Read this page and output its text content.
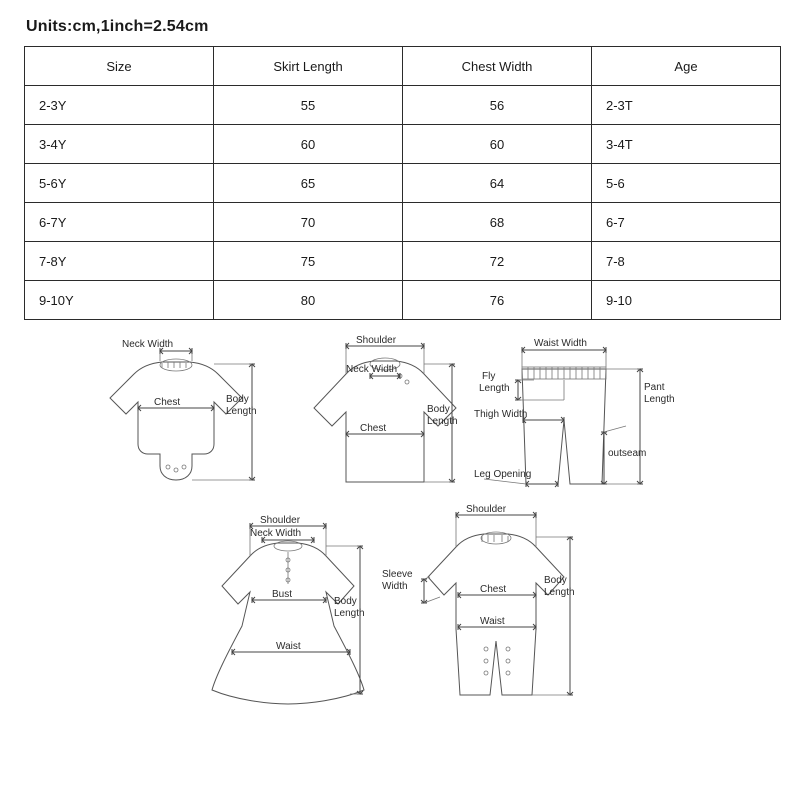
Units:cm,1inch=2.54cm
Size	Skirt Length	Chest Width	Age
2-3Y	55	56	2-3T
3-4Y	60	60	3-4T
5-6Y	65	64	5-6
6-7Y	70	68	6-7
7-8Y	75	72	7-8
9-10Y	80	76	9-10
Neck Width
Body
Length
Chest
Shoulder
Neck Width
Body
Length
Chest
Waist Width
Fly
Length	Pant
Length
Thigh Width
outseam
Leg Opening
Shoulder
Neck Width
Body
Length
Bust
Waist
Shoulder
Sleeve
Width
Body
Length
Chest
Waist
